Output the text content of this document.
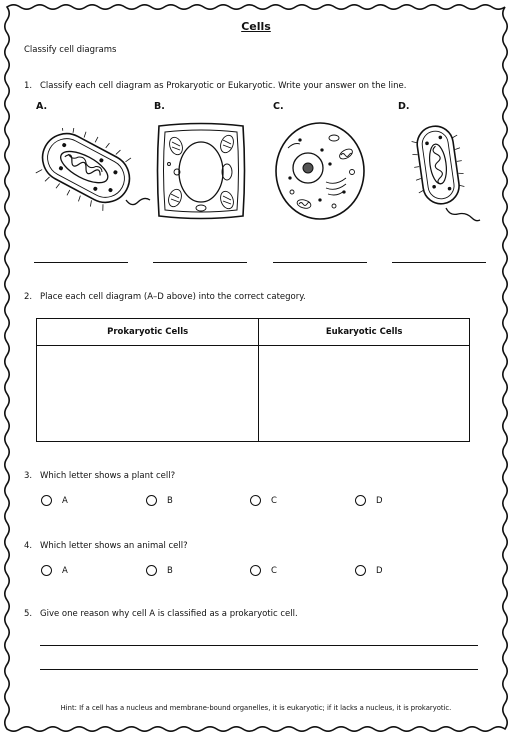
Cells
Classify cell diagrams
1. Classify each cell diagram as Prokaryotic or Eukaryotic. Write your answer on the line.
A.	B.	C.	D.
2. Place each cell diagram (A–D above) into the correct category.
Prokaryotic Cells	Eukaryotic Cells

3. Which letter shows a plant cell?
A	B	C	D
4. Which letter shows an animal cell?
A	B	C	D
5. Give one reason why cell A is classified as a prokaryotic cell.
Hint: If a cell has a nucleus and membrane-bound organelles, it is eukaryotic; if it lacks a nucleus, it is prokaryotic.
